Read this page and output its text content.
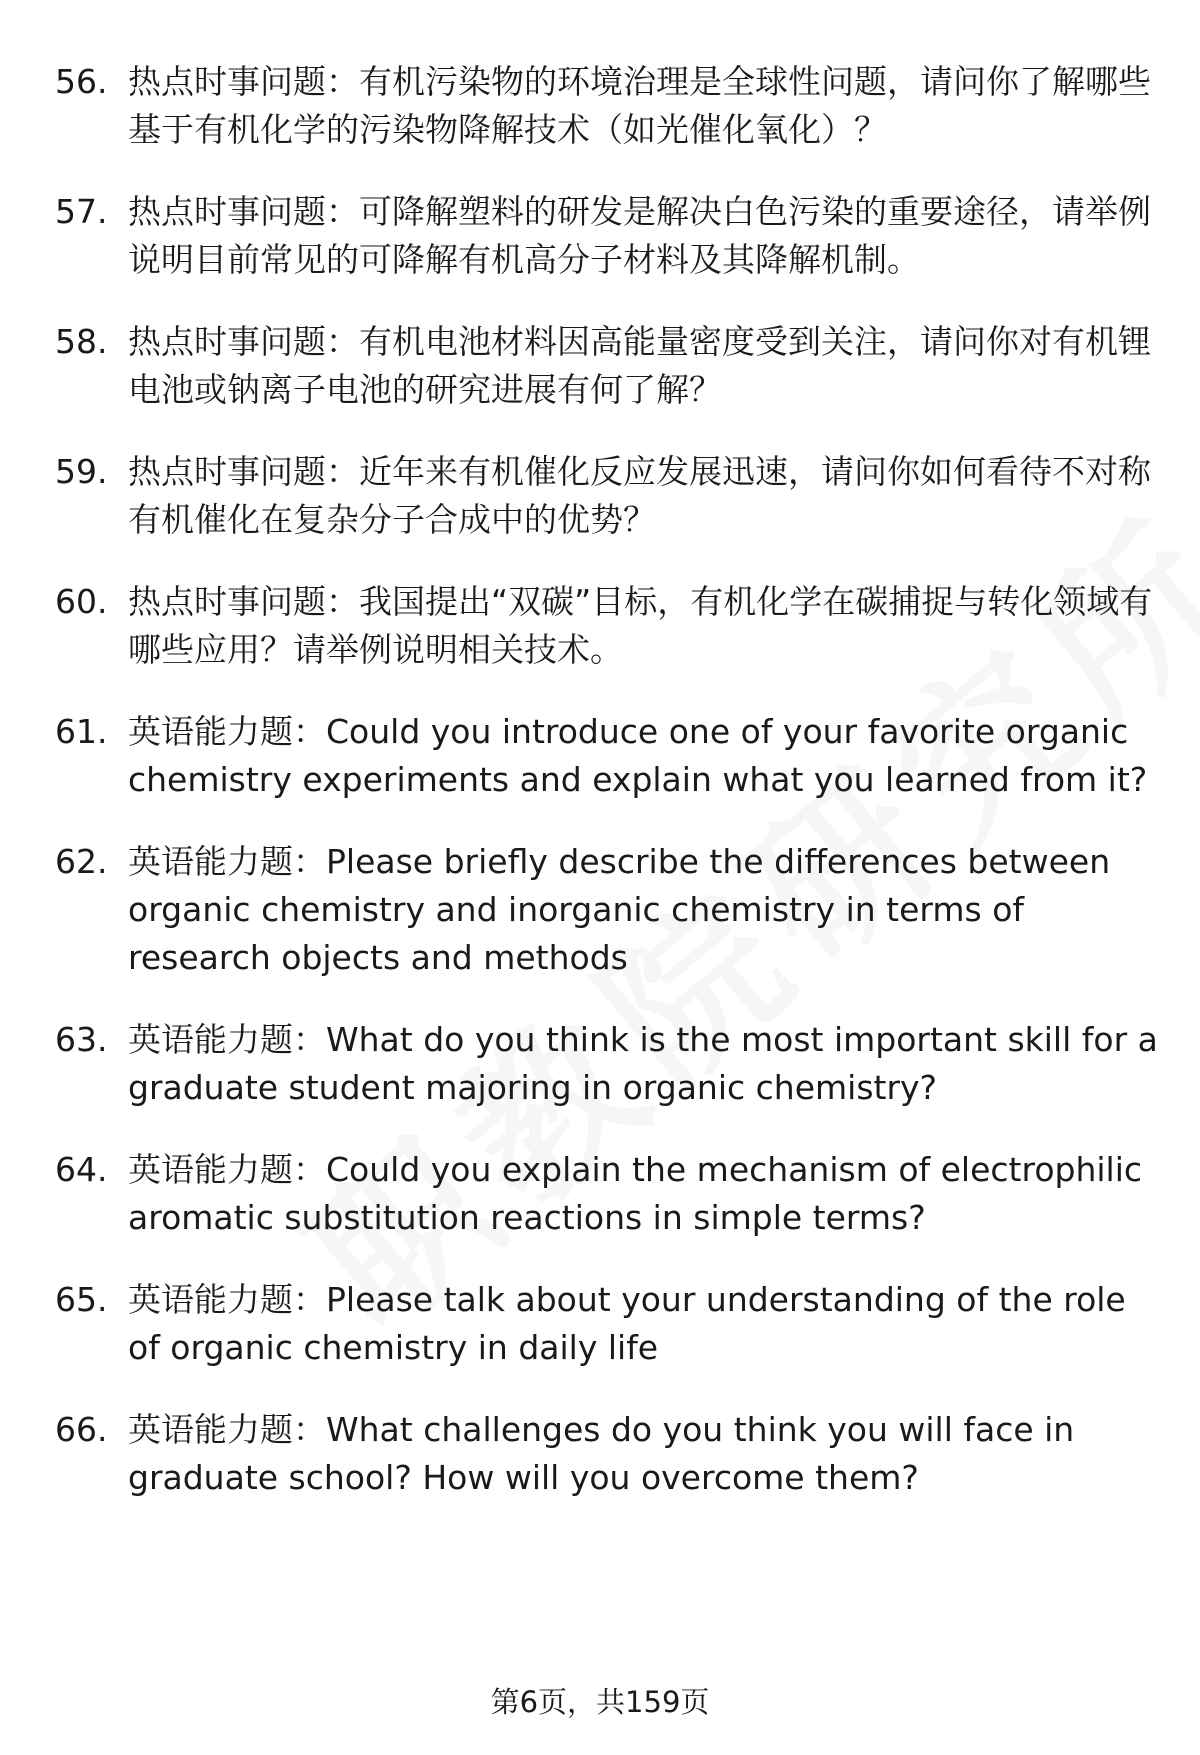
56. 热点时事问题：有机污染物的环境治理是全球性问题，请问你了解哪些基于有机化学的污染物降解技术（如光催化氧化）？
57. 热点时事问题：可降解塑料的研发是解决白色污染的重要途径，请举例说明目前常见的可降解有机高分子材料及其降解机制。
58. 热点时事问题：有机电池材料因高能量密度受到关注，请问你对有机锂电池或钠离子电池的研究进展有何了解？
59. 热点时事问题：近年来有机催化反应发展迅速，请问你如何看待不对称有机催化在复杂分子合成中的优势？
60. 热点时事问题：我国提出“双碳”目标，有机化学在碳捕捉与转化领域有哪些应用？请举例说明相关技术。
61. 英语能力题：Could you introduce one of your favorite organic chemistry experiments and explain what you learned from it?
62. 英语能力题：Please briefly describe the differences between organic chemistry and inorganic chemistry in terms of research objects and methods
63. 英语能力题：What do you think is the most important skill for a graduate student majoring in organic chemistry?
64. 英语能力题：Could you explain the mechanism of electrophilic aromatic substitution reactions in simple terms?
65. 英语能力题：Please talk about your understanding of the role of organic chemistry in daily life
66. 英语能力题：What challenges do you think you will face in graduate school? How will you overcome them?
第6页，共159页
